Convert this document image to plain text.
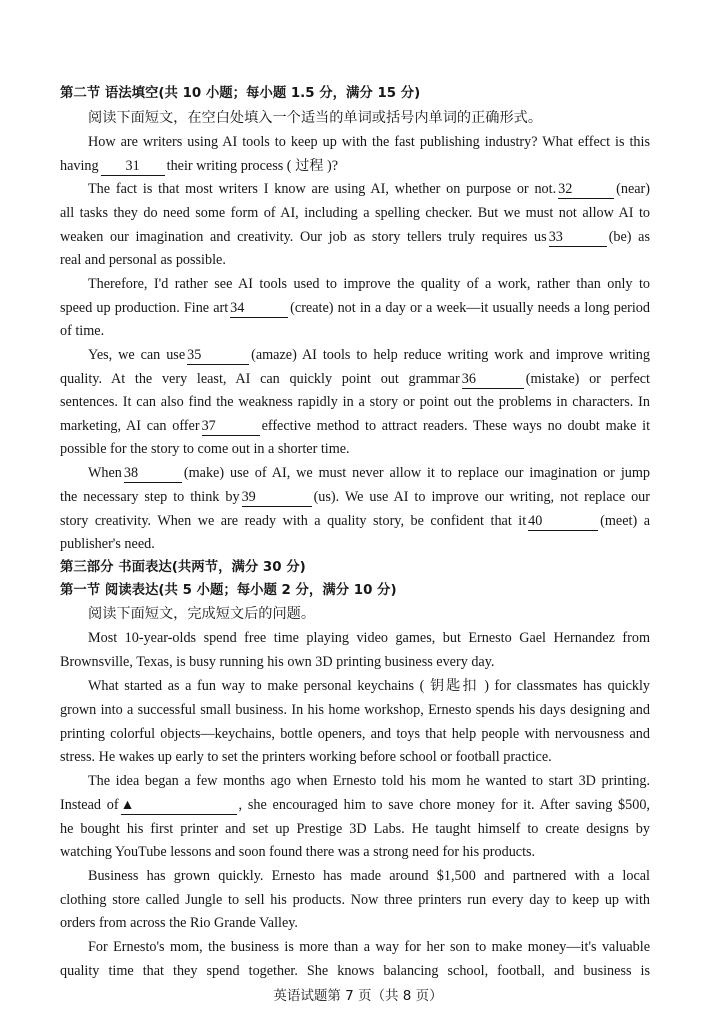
第二节 语法填空(共 10 小题；每小题 1.5 分，满分 15 分)
阅读下面短文，在空白处填入一个适当的单词或括号内单词的正确形式。
How are writers using AI tools to keep up with the fast publishing industry? What effect is this
having 31 their writing process ( 过程 )?
The fact is that most writers I know are using AI, whether on purpose or not. 32	(near)
all tasks they do need some form of AI, including a spelling checker. But we must not allow AI to
weaken our imagination and creativity. Our job as story tellers truly requires us 33	(be) as
real and personal as possible.
Therefore, I'd rather see AI tools used to improve the quality of a work, rather than only to
speed up production. Fine art 34	(create) not in a day or a week—it usually needs a long period
of time.
Yes, we can use 35	(amaze) AI tools to help reduce writing work and improve writing
quality. At the very least, AI can quickly point out grammar 36	(mistake) or perfect
sentences. It can also find the weakness rapidly in a story or point out the problems in characters. In
marketing, AI can offer 37	effective method to attract readers. These ways no doubt make it
possible for the story to come out in a shorter time.
When 38	(make) use of AI, we must never allow it to replace our imagination or jump
the necessary step to think by 39	(us). We use AI to improve our writing, not replace our
story creativity. When we are ready with a quality story, be confident that it 40	(meet) a
publisher's need.
第三部分 书面表达(共两节，满分 30 分)
第一节 阅读表达(共 5 小题；每小题 2 分，满分 10 分)
阅读下面短文，完成短文后的问题。
Most 10-year-olds spend free time playing video games, but Ernesto Gael Hernandez from
Brownsville, Texas, is busy running his own 3D printing business every day.
What started as a fun way to make personal keychains ( 钥匙扣 ) for classmates has quickly
grown into a successful small business. In his home workshop, Ernesto spends his days designing and
printing colorful objects—keychains, bottle openers, and toys that help people with nervousness and
stress. He wakes up early to set the printers working before school or football practice.
The idea began a few months ago when Ernesto told his mom he wanted to start 3D printing.
Instead of ▲	, she encouraged him to save chore money for it. After saving $500,
he bought his first printer and set up Prestige 3D Labs. He taught himself to create designs by
watching YouTube lessons and soon found there was a strong need for his products.
Business has grown quickly. Ernesto has made around $1,500 and partnered with a local
clothing store called Jungle to sell his products. Now three printers run every day to keep up with
orders from across the Rio Grande Valley.
For Ernesto's mom, the business is more than a way for her son to make money—it's valuable
quality time that they spend together. She knows balancing school, football, and business is
英语试题第 7 页（共 8 页）
